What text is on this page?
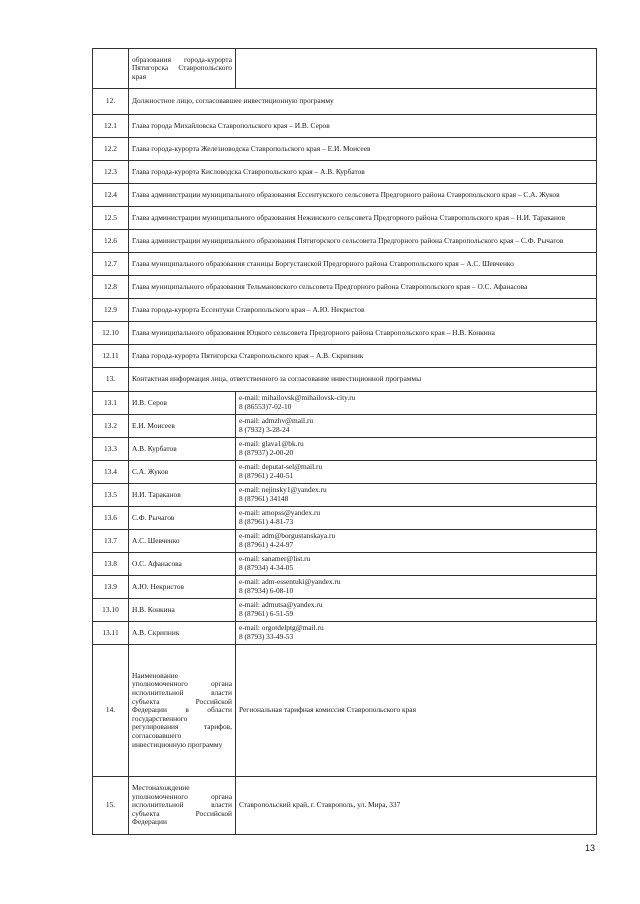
	образования города-курорта Пятигорска Ставропольского края	
12.	Должностное лицо, согласовавшее инвестиционную программу	
12.1	Глава города Михайловска Ставропольского края – И.В. Серов	
12.2	Глава города-курорта Железноводска Ставропольского края – Е.И. Моисеев	
12.3	Глава города-курорта Кисловодска Ставропольского края – А.В. Курбатов	
12.4	Глава администрации муниципального образования Ессентукского сельсовета Предгорного района Ставропольского края – С.А. Жуков	
12.5	Глава администрации муниципального образования Нежинского сельсовета Предгорного района Ставропольского края – Н.И. Тараканов	
12.6	Глава администрации муниципального образования Пятигорского сельсовета Предгорного района Ставропольского края – С.Ф. Рычагов	
12.7	Глава муниципального образования станицы Боргустанской Предгорного района Ставропольского края – А.С. Шевченко	
12.8	Глава муниципального образования Тельмановского сельсовета Предгорного района Ставропольского края – О.С. Афанасова	
12.9	Глава города-курорта Ессентуки Ставропольского края – А.Ю. Некристов	
12.10	Глава муниципального образования Юцкого сельсовета Предгорного района Ставропольского края – Н.В. Конкина	
12.11	Глава города-курорта Пятигорска Ставропольского края – А.В. Скрипник	
13.	Контактная информация лица, ответственного за согласование инвестиционной программы	
13.1	И.В. Серов	e-mail: mihailovsk@mihailovsk-city.ru
8 (86553)7-02-10

13.2	Е.И. Моисеев	e-mail: admzhv@mail.ru
8 (7932) 3-28-24

13.3	А.В. Курбатов	e-mail: glava1@bk.ru
8 (87937) 2-00-20

13.4	С.А. Жуков	e-mail: deputat-sel@mail.ru
8 (87961) 2-40-51

13.5	Н.И. Тараканов	e-mail: nejinsky1@yandex.ru
8 (87961) 34148

13.6	С.Ф. Рычагов	e-mail: amopss@yandex.ru
8 (87961) 4-81-73

13.7	А.С. Шевченко	e-mail: adm@borgustanskaya.ru
8 (87961) 4-24-97

13.8	О.С. Афанасова	e-mail: sanamer@list.ru
8 (87934) 4-34-05

13.9	А.Ю. Некристов	e-mail: adm-essentuki@yandex.ru
8 (87934) 6-08-10

13.10	Н.В. Конкина	e-mail: admutsa@yandex.ru
8 (87961) 6-51-59

13.11	А.В. Скрипник	e-mail: orgotdelptg@mail.ru
8 (8793) 33-49-53

14.	Наименование уполномоченного органа исполнительной власти субъекта Российской Федерации в области государственного регулирования тарифов, согласовавшего инвестиционную программу	Региональная тарифная комиссия Ставропольского края
15.	Местонахождение уполномоченного органа исполнительной власти субъекта Российской Федерации	Ставропольский край, г. Ставрополь, ул. Мира, 337
13
